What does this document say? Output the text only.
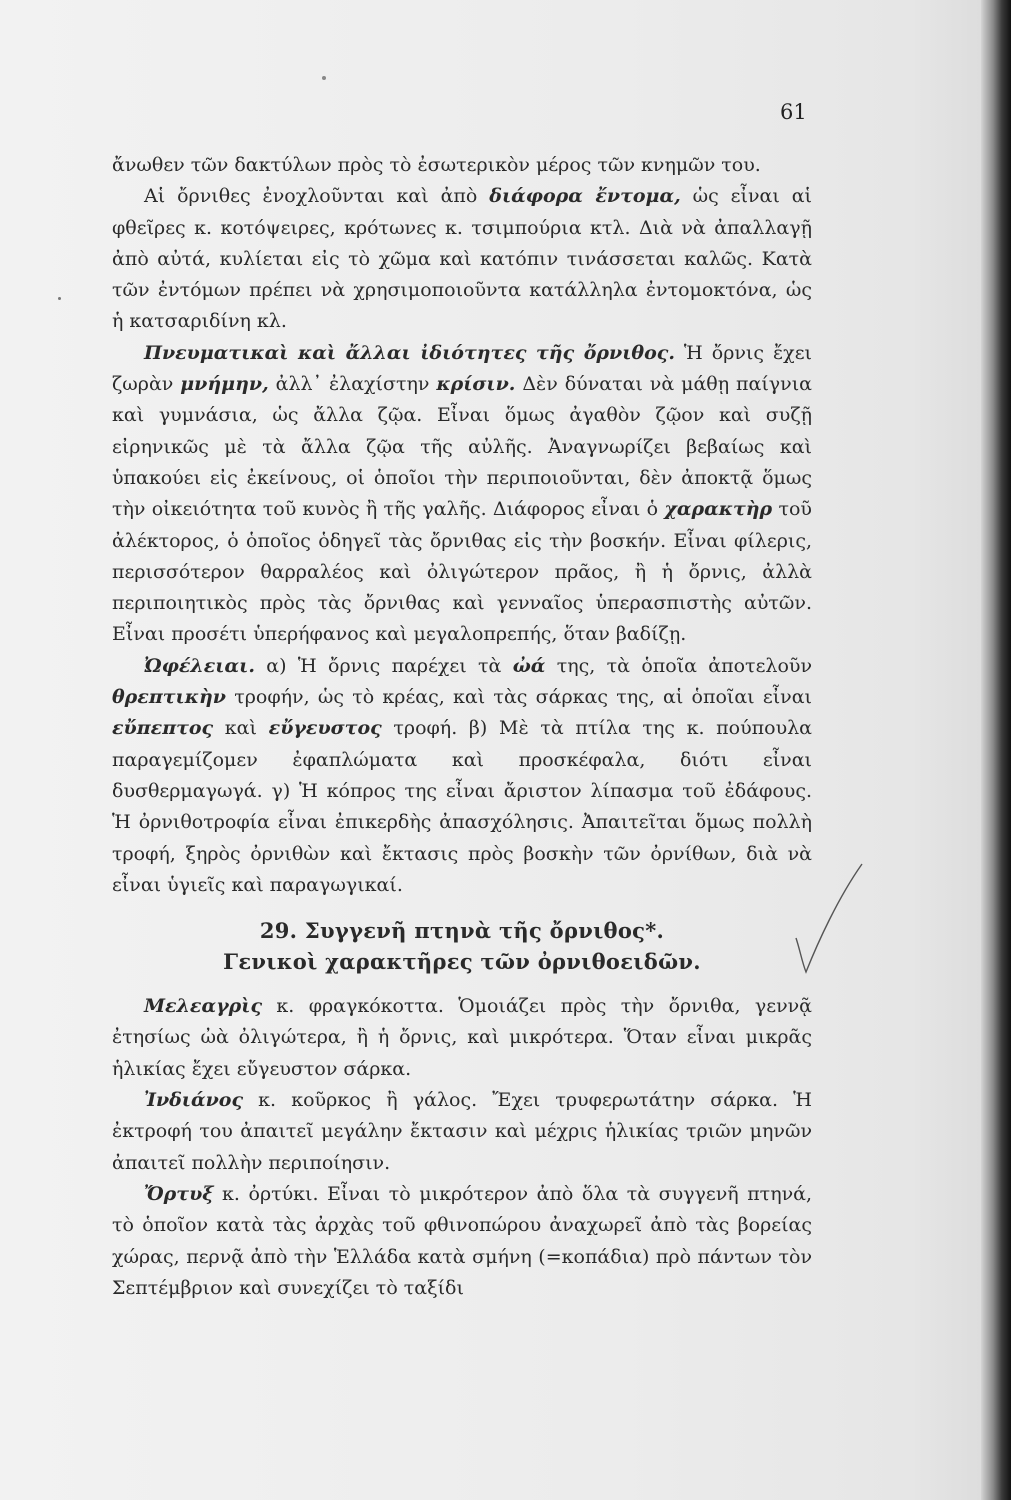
61

ἄνωθεν τῶν δακτύλων πρὸς τὸ ἐσωτερικὸν μέρος τῶν κνημῶν του.

Αἱ ὄρνιθες ἐνοχλοῦνται καὶ ἀπὸ διάφορα ἔντομα, ὡς εἶναι αἱ φθεῖρες κ. κοτόψειρες, κρότωνες κ. τσιμπούρια κτλ. Διὰ νὰ ἀπαλλαγῇ ἀπὸ αὐτά, κυλίεται εἰς τὸ χῶμα καὶ κατόπιν τινάσσεται καλῶς. Κατὰ τῶν ἐντόμων πρέπει νὰ χρησιμοποιοῦντα κατάλληλα ἐντομοκτόνα, ὡς ἡ κατσαριδίνη κλ.

Πνευματικαὶ καὶ ἄλλαι ἰδιότητες τῆς ὄρνιθος. Ἡ ὄρνις ἔχει ζωρὰν μνήμην, ἀλλ᾿ ἐλαχίστην κρίσιν. Δὲν δύναται νὰ μάθῃ παίγνια καὶ γυμνάσια, ὡς ἄλλα ζῷα. Εἶναι ὅμως ἀγαθὸν ζῷον καὶ συζῇ εἰρηνικῶς μὲ τὰ ἄλλα ζῷα τῆς αὐλῆς. Ἀναγνωρίζει βεβαίως καὶ ὑπακούει εἰς ἐκείνους, οἱ ὁποῖοι τὴν περιποιοῦνται, δὲν ἀποκτᾷ ὅμως τὴν οἰκειότητα τοῦ κυνὸς ἢ τῆς γαλῆς. Διάφορος εἶναι ὁ χαρακτὴρ τοῦ ἀλέκτορος, ὁ ὁποῖος ὁδηγεῖ τὰς ὄρνιθας εἰς τὴν βοσκήν. Εἶναι φίλερις, περισσότερον θαρραλέος καὶ ὀλιγώτερον πρᾶος, ἢ ἡ ὄρνις, ἀλλὰ περιποιητικὸς πρὸς τὰς ὄρνιθας καὶ γενναῖος ὑπερασπιστὴς αὐτῶν. Εἶναι προσέτι ὑπερήφανος καὶ μεγαλοπρεπής, ὅταν βαδίζῃ.

Ὠφέλειαι. α) Ἡ ὄρνις παρέχει τὰ ὠά της, τὰ ὁποῖα ἀποτελοῦν θρεπτικὴν τροφήν, ὡς τὸ κρέας, καὶ τὰς σάρκας της, αἱ ὁποῖαι εἶναι εὔπεπτος καὶ εὔγευστος τροφή. β) Μὲ τὰ πτίλα της κ. πούπουλα παραγεμίζομεν ἐφαπλώματα καὶ προσκέφαλα, διότι εἶναι δυσθερμαγωγά. γ) Ἡ κόπρος της εἶναι ἄριστον λίπασμα τοῦ ἐδάφους. Ἡ ὀρνιθοτροφία εἶναι ἐπικερδὴς ἀπασχόλησις. Ἀπαιτεῖται ὅμως πολλὴ τροφή, ξηρὸς ὀρνιθὼν καὶ ἔκτασις πρὸς βοσκὴν τῶν ὀρνίθων, διὰ νὰ εἶναι ὑγιεῖς καὶ παραγωγικαί.

29. Συγγενῆ πτηνὰ τῆς ὄρνιθος*.
Γενικοὶ χαρακτῆρες τῶν ὀρνιθοειδῶν.

Μελεαγρὶς κ. φραγκόκοττα. Ὁμοιάζει πρὸς τὴν ὄρνιθα, γεννᾷ ἐτησίως ὠὰ ὀλιγώτερα, ἢ ἡ ὄρνις, καὶ μικρότερα. Ὅταν εἶναι μικρᾶς ἡλικίας ἔχει εὔγευστον σάρκα.

Ἰνδιάνος κ. κοῦρκος ἢ γάλος. Ἔχει τρυφερωτάτην σάρκα. Ἡ ἐκτροφή του ἀπαιτεῖ μεγάλην ἔκτασιν καὶ μέχρις ἡλικίας τριῶν μηνῶν ἀπαιτεῖ πολλὴν περιποίησιν.

Ὄρτυξ κ. ὀρτύκι. Εἶναι τὸ μικρότερον ἀπὸ ὅλα τὰ συγγενῆ πτηνά, τὸ ὁποῖον κατὰ τὰς ἀρχὰς τοῦ φθινοπώρου ἀναχωρεῖ ἀπὸ τὰς βορείας χώρας, περνᾷ ἀπὸ τὴν Ἑλλάδα κατὰ σμήνη (=κοπάδια) πρὸ πάντων τὸν Σεπτέμβριον καὶ συνεχίζει τὸ ταξίδι
